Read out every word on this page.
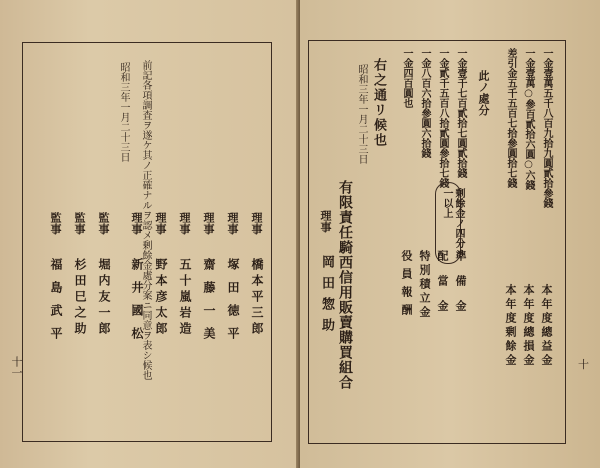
理事
橋本平三郎
理事
塚田徳平
理事
齋藤一美
理事
五十嵐岩造
理事
野本彦太郎
理事
新井國松
監事
堀内友一郎
監事
杉田巳之助
監事
福島武平	前記各項調査ヲ遂ケ其ノ正確ナルヲ認メ剰餘金處分案ニ同意ヲ表シ候也
昭和三年一月二十三日
十一
一金壹萬五千八百九拾九圓貳拾參錢
一金壹萬○參百貳拾六圓○六錢
差引金五千五百七拾參圓拾七錢
本年度總益金
本年度總損金
本年度剰餘金
此ノ處分
一金壹千七百貳拾七圓貳拾錢
一金貳千五百八拾貳圓參拾七錢
一金八百六拾參圓六拾錢
一金四百圓也
剰餘金ノ四分ノ一以上
準備金
配當金
特別積立金
役員報酬
右之通リ候也
昭和三年一月二十三日
有限責任騎西信用販賣購買組合
理事
岡田惣助
十
